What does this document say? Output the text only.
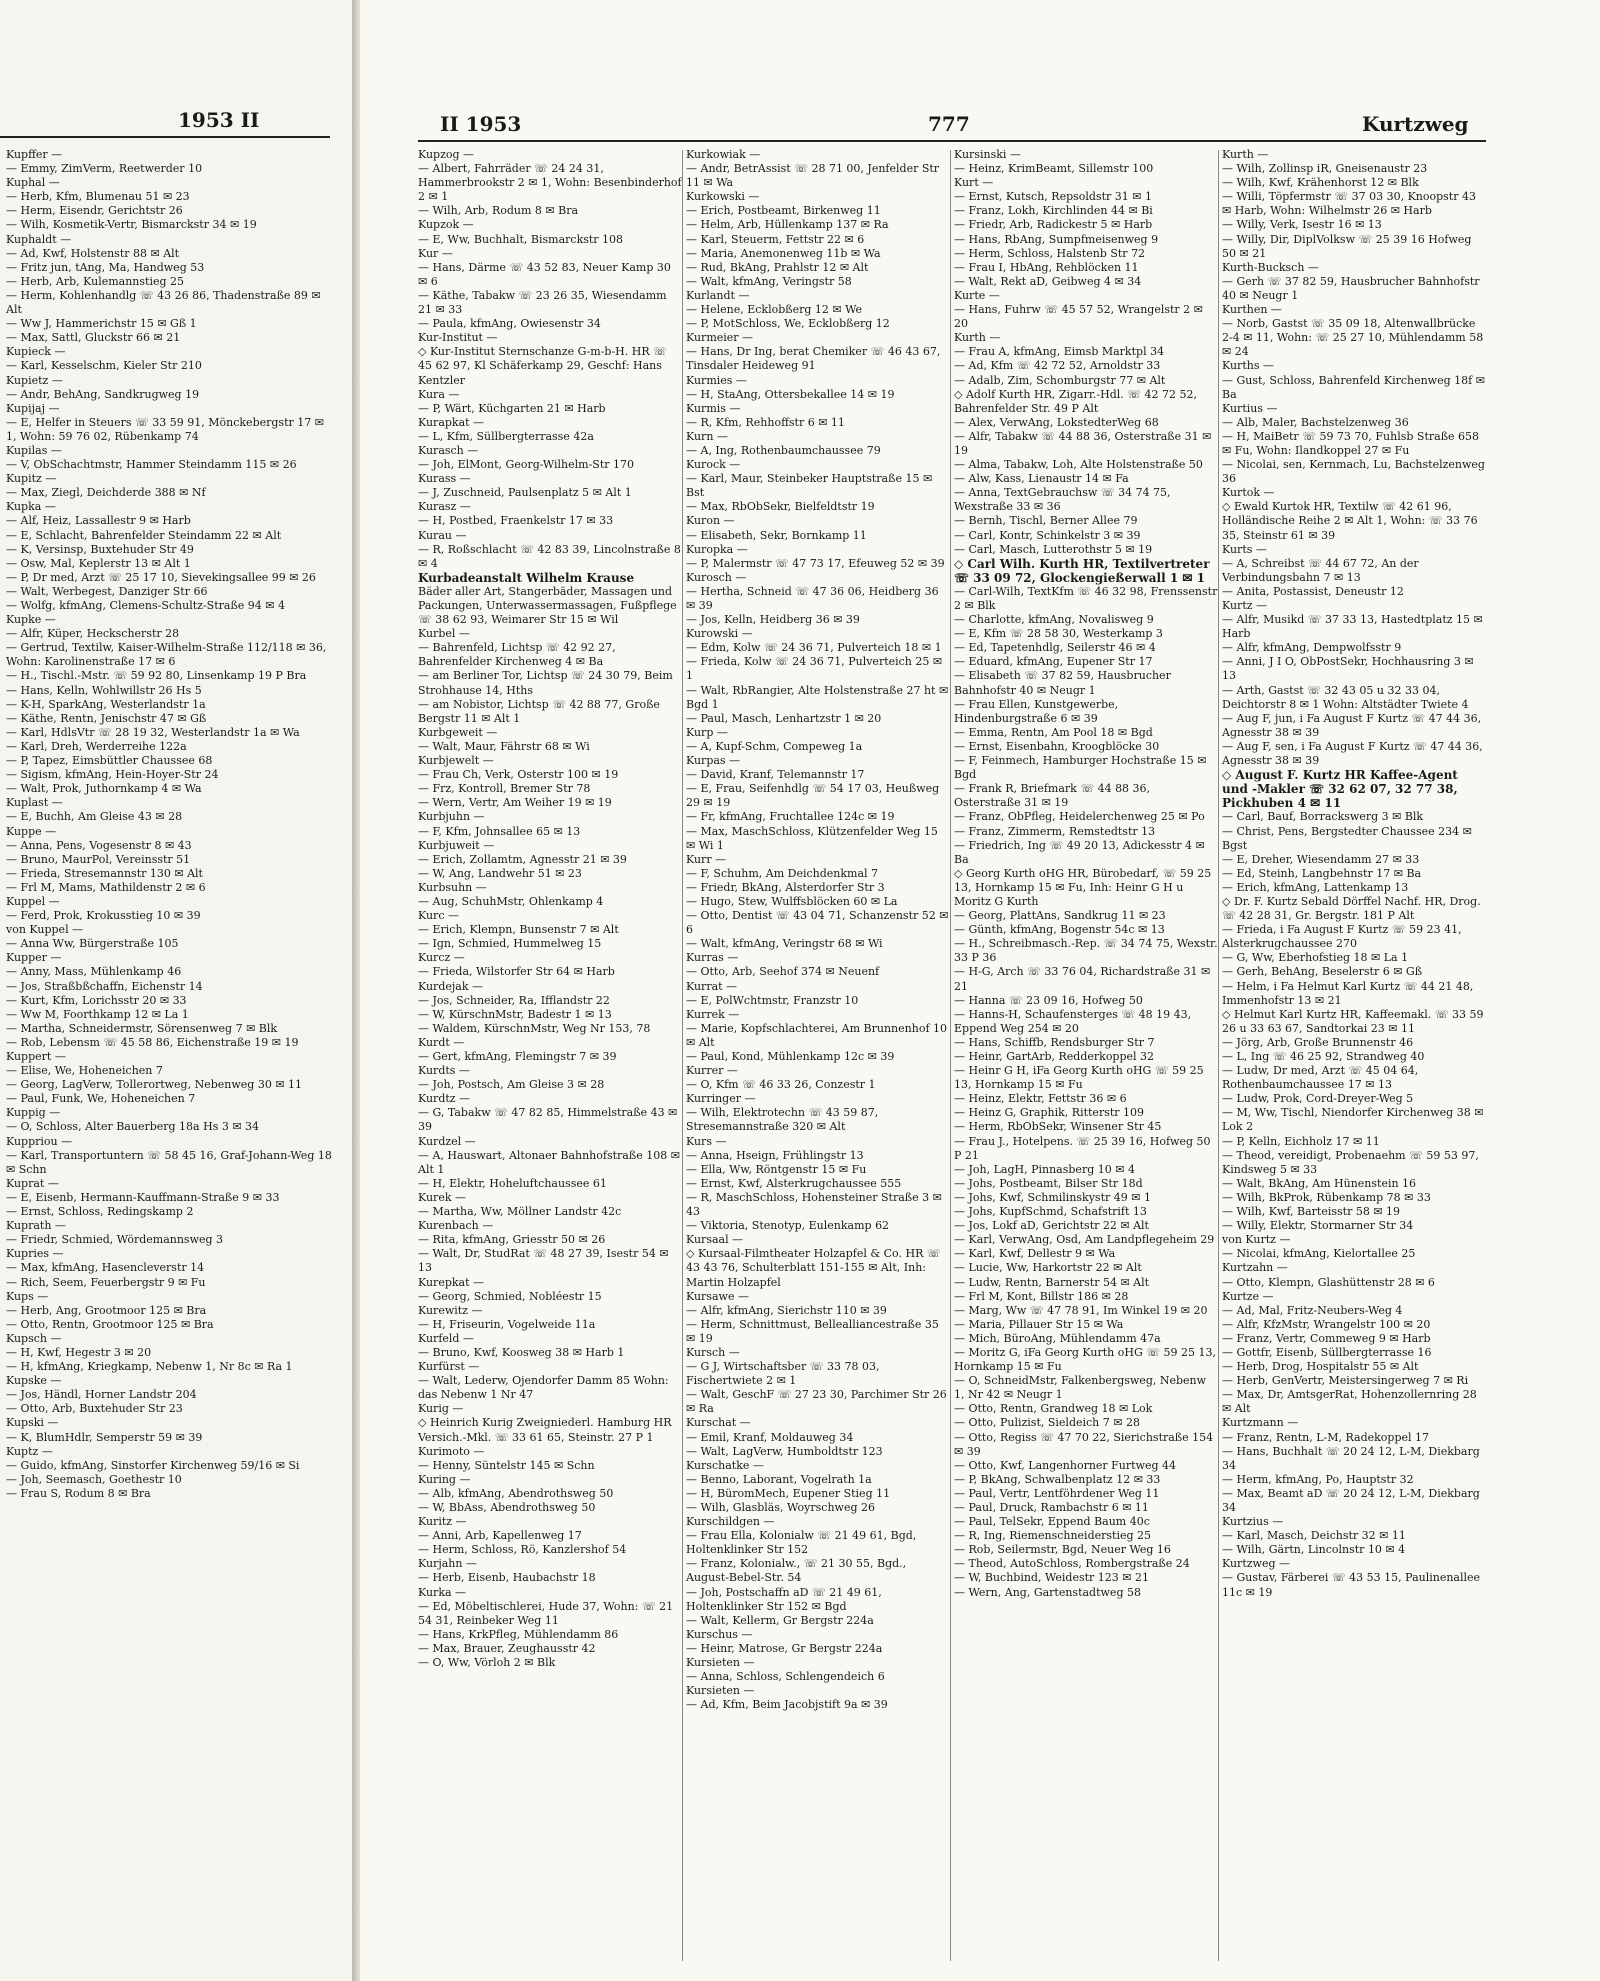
1953 II
Kupffer —
— Emmy, ZimVerm, Reetwerder 10
Kuphal —
— Herb, Kfm, Blumenau 51 ✉ 23
— Herm, Eisendr, Gerichtstr 26
— Wilh, Kosmetik-Vertr, Bismarckstr 34 ✉ 19
Kuphaldt —
— Ad, Kwf, Holstenstr 88 ✉ Alt
— Fritz jun, tAng, Ma, Handweg 53
— Herb, Arb, Kulemannstieg 25
— Herm, Kohlenhandlg ☏ 43 26 86, Thadenstraße 89 ✉ Alt
— Ww J, Hammerichstr 15 ✉ Gß 1
— Max, Sattl, Gluckstr 66 ✉ 21
Kupieck —
— Karl, Kesselschm, Kieler Str 210
Kupietz —
— Andr, BehAng, Sandkrugweg 19
Kupijaj —
— E, Helfer in Steuers ☏ 33 59 91, Mönckebergstr 17 ✉ 1, Wohn: 59 76 02, Rübenkamp 74
Kupilas —
— V, ObSchachtmstr, Hammer Steindamm 115 ✉ 26
Kupitz —
— Max, Ziegl, Deichderde 388 ✉ Nf
Kupka —
— Alf, Heiz, Lassallestr 9 ✉ Harb
— E, Schlacht, Bahrenfelder Steindamm 22 ✉ Alt
— K, Versinsp, Buxtehuder Str 49
— Osw, Mal, Keplerstr 13 ✉ Alt 1
— P, Dr med, Arzt ☏ 25 17 10, Sievekingsallee 99 ✉ 26
— Walt, Werbegest, Danziger Str 66
— Wolfg, kfmAng, Clemens-Schultz-Straße 94 ✉ 4
Kupke —
— Alfr, Küper, Heckscherstr 28
— Gertrud, Textilw, Kaiser-Wilhelm-Straße 112/118 ✉ 36, Wohn: Karolinenstraße 17 ✉ 6
— H., Tischl.-Mstr. ☏ 59 92 80, Linsenkamp 19 P Bra
— Hans, Kelln, Wohlwillstr 26 Hs 5
— K-H, SparkAng, Westerlandstr 1a
— Käthe, Rentn, Jenischstr 47 ✉ Gß
— Karl, HdlsVtr ☏ 28 19 32, Westerlandstr 1a ✉ Wa
— Karl, Dreh, Werderreihe 122a
— P, Tapez, Eimsbüttler Chaussee 68
— Sigism, kfmAng, Hein-Hoyer-Str 24
— Walt, Prok, Juthornkamp 4 ✉ Wa
Kuplast —
— E, Buchh, Am Gleise 43 ✉ 28
Kuppe —
— Anna, Pens, Vogesenstr 8 ✉ 43
— Bruno, MaurPol, Vereinsstr 51
— Frieda, Stresemannstr 130 ✉ Alt
— Frl M, Mams, Mathildenstr 2 ✉ 6
Kuppel —
— Ferd, Prok, Krokusstieg 10 ✉ 39
von Kuppel —
— Anna Ww, Bürgerstraße 105
Kupper —
— Anny, Mass, Mühlenkamp 46
— Jos, Straßbßchaffn, Eichenstr 14
— Kurt, Kfm, Lorichsstr 20 ✉ 33
— Ww M, Foorthkamp 12 ✉ La 1
— Martha, Schneidermstr, Sörensenweg 7 ✉ Blk
— Rob, Lebensm ☏ 45 58 86, Eichenstraße 19 ✉ 19
Kuppert —
— Elise, We, Hoheneichen 7
— Georg, LagVerw, Tollerortweg, Nebenweg 30 ✉ 11
— Paul, Funk, We, Hoheneichen 7
Kuppig —
— O, Schloss, Alter Bauerberg 18a Hs 3 ✉ 34
Kuppriou —
— Karl, Transportuntern ☏ 58 45 16, Graf-Johann-Weg 18 ✉ Schn
Kuprat —
— E, Eisenb, Hermann-Kauffmann-Straße 9 ✉ 33
— Ernst, Schloss, Redingskamp 2
Kuprath —
— Friedr, Schmied, Wördemannsweg 3
Kupries —
— Max, kfmAng, Hasencleverstr 14
— Rich, Seem, Feuerbergstr 9 ✉ Fu
Kups —
— Herb, Ang, Grootmoor 125 ✉ Bra
— Otto, Rentn, Grootmoor 125 ✉ Bra
Kupsch —
— H, Kwf, Hegestr 3 ✉ 20
— H, kfmAng, Kriegkamp, Nebenw 1, Nr 8c ✉ Ra 1
Kupske —
— Jos, Händl, Horner Landstr 204
— Otto, Arb, Buxtehuder Str 23
Kupski —
— K, BlumHdlr, Semperstr 59 ✉ 39
Kuptz —
— Guido, kfmAng, Sinstorfer Kirchenweg 59/16 ✉ Si
— Joh, Seemasch, Goethestr 10
— Frau S, Rodum 8 ✉ Bra
II 1953	777	Kurtzweg
Kupzog —
— Albert, Fahrräder ☏ 24 24 31, Hammerbrookstr 2 ✉ 1, Wohn: Besenbinderhof 2 ✉ 1
— Wilh, Arb, Rodum 8 ✉ Bra
Kupzok —
— E, Ww, Buchhalt, Bismarckstr 108
Kur —
— Hans, Därme ☏ 43 52 83, Neuer Kamp 30 ✉ 6
— Käthe, Tabakw ☏ 23 26 35, Wiesendamm 21 ✉ 33
— Paula, kfmAng, Owiesenstr 34
Kur-Institut —
◇ Kur-Institut Sternschanze G-m-b-H. HR ☏ 45 62 97, Kl Schäferkamp 29, Geschf: Hans Kentzler
Kura —
— P, Wärt, Küchgarten 21 ✉ Harb
Kurapkat —
— L, Kfm, Süllbergterrasse 42a
Kurasch —
— Joh, ElMont, Georg-Wilhelm-Str 170
Kurass —
— J, Zuschneid, Paulsenplatz 5 ✉ Alt 1
Kurasz —
— H, Postbed, Fraenkelstr 17 ✉ 33
Kurau —
— R, Roßschlacht ☏ 42 83 39, Lincolnstraße 8 ✉ 4
Kurbadeanstalt Wilhelm Krause
Bäder aller Art, Stangerbäder, Massagen und Packungen, Unterwassermassagen, Fußpflege ☏ 38 62 93, Weimarer Str 15 ✉ Wil
Kurbel —
— Bahrenfeld, Lichtsp ☏ 42 92 27, Bahrenfelder Kirchenweg 4 ✉ Ba
— am Berliner Tor, Lichtsp ☏ 24 30 79, Beim Strohhause 14, Hths
— am Nobistor, Lichtsp ☏ 42 88 77, Große Bergstr 11 ✉ Alt 1
Kurbgeweit —
— Walt, Maur, Fährstr 68 ✉ Wi
Kurbjewelt —
— Frau Ch, Verk, Osterstr 100 ✉ 19
— Frz, Kontroll, Bremer Str 78
— Wern, Vertr, Am Weiher 19 ✉ 19
Kurbjuhn —
— F, Kfm, Johnsallee 65 ✉ 13
Kurbjuweit —
— Erich, Zollamtm, Agnesstr 21 ✉ 39
— W, Ang, Landwehr 51 ✉ 23
Kurbsuhn —
— Aug, SchuhMstr, Ohlenkamp 4
Kurc —
— Erich, Klempn, Bunsenstr 7 ✉ Alt
— Ign, Schmied, Hummelweg 15
Kurcz —
— Frieda, Wilstorfer Str 64 ✉ Harb
Kurdejak —
— Jos, Schneider, Ra, Ifflandstr 22
— W, KürschnMstr, Badestr 1 ✉ 13
— Waldem, KürschnMstr, Weg Nr 153, 78
Kurdt —
— Gert, kfmAng, Flemingstr 7 ✉ 39
Kurdts —
— Joh, Postsch, Am Gleise 3 ✉ 28
Kurdtz —
— G, Tabakw ☏ 47 82 85, Himmelstraße 43 ✉ 39
Kurdzel —
— A, Hauswart, Altonaer Bahnhofstraße 108 ✉ Alt 1
— H, Elektr, Hoheluftchaussee 61
Kurek —
— Martha, Ww, Möllner Landstr 42c
Kurenbach —
— Rita, kfmAng, Griesstr 50 ✉ 26
— Walt, Dr, StudRat ☏ 48 27 39, Isestr 54 ✉ 13
Kurepkat —
— Georg, Schmied, Nobléestr 15
Kurewitz —
— H, Friseurin, Vogelweide 11a
Kurfeld —
— Bruno, Kwf, Koosweg 38 ✉ Harb 1
Kurfürst —
— Walt, Lederw, Ojendorfer Damm 85 Wohn: das Nebenw 1 Nr 47
Kurig —
◇ Heinrich Kurig Zweigniederl. Hamburg HR Versich.-Mkl. ☏ 33 61 65, Steinstr. 27 P 1
Kurimoto —
— Henny, Süntelstr 145 ✉ Schn
Kuring —
— Alb, kfmAng, Abendrothsweg 50
— W, BbAss, Abendrothsweg 50
Kuritz —
— Anni, Arb, Kapellenweg 17
— Herm, Schloss, Rö, Kanzlershof 54
Kurjahn —
— Herb, Eisenb, Haubachstr 18
Kurka —
— Ed, Möbeltischlerei, Hude 37, Wohn: ☏ 21 54 31, Reinbeker Weg 11
— Hans, KrkPfleg, Mühlendamm 86
— Max, Brauer, Zeughausstr 42
— O, Ww, Vörloh 2 ✉ Blk
Kurkowiak —
— Andr, BetrAssist ☏ 28 71 00, Jenfelder Str 11 ✉ Wa
Kurkowski —
— Erich, Postbeamt, Birkenweg 11
— Helm, Arb, Hüllenkamp 137 ✉ Ra
— Karl, Steuerm, Fettstr 22 ✉ 6
— Maria, Anemonenweg 11b ✉ Wa
— Rud, BkAng, Prahlstr 12 ✉ Alt
— Walt, kfmAng, Veringstr 58
Kurlandt —
— Helene, Ecklobßerg 12 ✉ We
— P, MotSchloss, We, Ecklobßerg 12
Kurmeier —
— Hans, Dr Ing, berat Chemiker ☏ 46 43 67, Tinsdaler Heideweg 91
Kurmies —
— H, StaAng, Ottersbekallee 14 ✉ 19
Kurmis —
— R, Kfm, Rehhoffstr 6 ✉ 11
Kurn —
— A, Ing, Rothenbaumchaussee 79
Kurock —
— Karl, Maur, Steinbeker Hauptstraße 15 ✉ Bst
— Max, RbObSekr, Bielfeldtstr 19
Kuron —
— Elisabeth, Sekr, Bornkamp 11
Kuropka —
— P, Malermstr ☏ 47 73 17, Efeuweg 52 ✉ 39
Kurosch —
— Hertha, Schneid ☏ 47 36 06, Heidberg 36 ✉ 39
— Jos, Kelln, Heidberg 36 ✉ 39
Kurowski —
— Edm, Kolw ☏ 24 36 71, Pulverteich 18 ✉ 1
— Frieda, Kolw ☏ 24 36 71, Pulverteich 25 ✉ 1
— Walt, RbRangier, Alte Holstenstraße 27 ht ✉ Bgd 1
— Paul, Masch, Lenhartzstr 1 ✉ 20
Kurp —
— A, Kupf-Schm, Compeweg 1a
Kurpas —
— David, Kranf, Telemannstr 17
— E, Frau, Seifenhdlg ☏ 54 17 03, Heußweg 29 ✉ 19
— Fr, kfmAng, Fruchtallee 124c ✉ 19
— Max, MaschSchloss, Klützenfelder Weg 15 ✉ Wi 1
Kurr —
— F, Schuhm, Am Deichdenkmal 7
— Friedr, BkAng, Alsterdorfer Str 3
— Hugo, Stew, Wulffsblöcken 60 ✉ La
— Otto, Dentist ☏ 43 04 71, Schanzenstr 52 ✉ 6
— Walt, kfmAng, Veringstr 68 ✉ Wi
Kurras —
— Otto, Arb, Seehof 374 ✉ Neuenf
Kurrat —
— E, PolWchtmstr, Franzstr 10
Kurrek —
— Marie, Kopfschlachterei, Am Brunnenhof 10 ✉ Alt
— Paul, Kond, Mühlenkamp 12c ✉ 39
Kurrer —
— O, Kfm ☏ 46 33 26, Conzestr 1
Kurringer —
— Wilh, Elektrotechn ☏ 43 59 87, Stresemannstraße 320 ✉ Alt
Kurs —
— Anna, Hseign, Frühlingstr 13
— Ella, Ww, Röntgenstr 15 ✉ Fu
— Ernst, Kwf, Alsterkrugchaussee 555
— R, MaschSchloss, Hohensteiner Straße 3 ✉ 43
— Viktoria, Stenotyp, Eulenkamp 62
Kursaal —
◇ Kursaal-Filmtheater Holzapfel & Co. HR ☏ 43 43 76, Schulterblatt 151-155 ✉ Alt, Inh: Martin Holzapfel
Kursawe —
— Alfr, kfmAng, Sierichstr 110 ✉ 39
— Herm, Schnittmust, Bellealliancestraße 35 ✉ 19
Kursch —
— G J, Wirtschaftsber ☏ 33 78 03, Fischertwiete 2 ✉ 1
— Walt, GeschF ☏ 27 23 30, Parchimer Str 26 ✉ Ra
Kurschat —
— Emil, Kranf, Moldauweg 34
— Walt, LagVerw, Humboldtstr 123
Kurschatke —
— Benno, Laborant, Vogelrath 1a
— H, BüromMech, Eupener Stieg 11
— Wilh, Glasbläs, Woyrschweg 26
Kurschildgen —
— Frau Ella, Kolonialw ☏ 21 49 61, Bgd, Holtenklinker Str 152
— Franz, Kolonialw., ☏ 21 30 55, Bgd., August-Bebel-Str. 54
— Joh, Postschaffn aD ☏ 21 49 61, Holtenklinker Str 152 ✉ Bgd
— Walt, Kellerm, Gr Bergstr 224a
Kurschus —
— Heinr, Matrose, Gr Bergstr 224a
Kursieten —
— Anna, Schloss, Schlengendeich 6
Kursieten —
— Ad, Kfm, Beim Jacobjstift 9a ✉ 39
Kursinski —
— Heinz, KrimBeamt, Sillemstr 100
Kurt —
— Ernst, Kutsch, Repsoldstr 31 ✉ 1
— Franz, Lokh, Kirchlinden 44 ✉ Bi
— Friedr, Arb, Radickestr 5 ✉ Harb
— Hans, RbAng, Sumpfmeisenweg 9
— Herm, Schloss, Halstenb Str 72
— Frau I, HbAng, Rehblöcken 11
— Walt, Rekt aD, Geibweg 4 ✉ 34
Kurte —
— Hans, Fuhrw ☏ 45 57 52, Wrangelstr 2 ✉ 20
Kurth —
— Frau A, kfmAng, Eimsb Marktpl 34
— Ad, Kfm ☏ 42 72 52, Arnoldstr 33
— Adalb, Zim, Schomburgstr 77 ✉ Alt
◇ Adolf Kurth HR, Zigarr.-Hdl. ☏ 42 72 52, Bahrenfelder Str. 49 P Alt
— Alex, VerwAng, LokstedterWeg 68
— Alfr, Tabakw ☏ 44 88 36, Osterstraße 31 ✉ 19
— Alma, Tabakw, Loh, Alte Holstenstraße 50
— Alw, Kass, Lienaustr 14 ✉ Fa
— Anna, TextGebrauchsw ☏ 34 74 75, Wexstraße 33 ✉ 36
— Bernh, Tischl, Berner Allee 79
— Carl, Kontr, Schinkelstr 3 ✉ 39
— Carl, Masch, Lutterothstr 5 ✉ 19
◇ Carl Wilh. Kurth HR, Textilvertreter ☏ 33 09 72, Glockengießerwall 1 ✉ 1
— Carl-Wilh, TextKfm ☏ 46 32 98, Frenssenstr 2 ✉ Blk
— Charlotte, kfmAng, Novalisweg 9
— E, Kfm ☏ 28 58 30, Westerkamp 3
— Ed, Tapetenhdlg, Seilerstr 46 ✉ 4
— Eduard, kfmAng, Eupener Str 17
— Elisabeth ☏ 37 82 59, Hausbrucher Bahnhofstr 40 ✉ Neugr 1
— Frau Ellen, Kunstgewerbe, Hindenburgstraße 6 ✉ 39
— Emma, Rentn, Am Pool 18 ✉ Bgd
— Ernst, Eisenbahn, Kroogblöcke 30
— F, Feinmech, Hamburger Hochstraße 15 ✉ Bgd
— Frank R, Briefmark ☏ 44 88 36, Osterstraße 31 ✉ 19
— Franz, ObPfleg, Heidelerchenweg 25 ✉ Po
— Franz, Zimmerm, Remstedtstr 13
— Friedrich, Ing ☏ 49 20 13, Adickesstr 4 ✉ Ba
◇ Georg Kurth oHG HR, Bürobedarf, ☏ 59 25 13, Hornkamp 15 ✉ Fu, Inh: Heinr G H u Moritz G Kurth
— Georg, PlattAns, Sandkrug 11 ✉ 23
— Günth, kfmAng, Bogenstr 54c ✉ 13
— H., Schreibmasch.-Rep. ☏ 34 74 75, Wexstr. 33 P 36
— H-G, Arch ☏ 33 76 04, Richardstraße 31 ✉ 21
— Hanna ☏ 23 09 16, Hofweg 50
— Hanns-H, Schaufensterges ☏ 48 19 43, Eppend Weg 254 ✉ 20
— Hans, Schiffb, Rendsburger Str 7
— Heinr, GartArb, Redderkoppel 32
— Heinr G H, iFa Georg Kurth oHG ☏ 59 25 13, Hornkamp 15 ✉ Fu
— Heinz, Elektr, Fettstr 36 ✉ 6
— Heinz G, Graphik, Ritterstr 109
— Herm, RbObSekr, Winsener Str 45
— Frau J., Hotelpens. ☏ 25 39 16, Hofweg 50 P 21
— Joh, LagH, Pinnasberg 10 ✉ 4
— Johs, Postbeamt, Bilser Str 18d
— Johs, Kwf, Schmilinskystr 49 ✉ 1
— Johs, KupfSchmd, Schafstrift 13
— Jos, Lokf aD, Gerichtstr 22 ✉ Alt
— Karl, VerwAng, Osd, Am Landpflegeheim 29
— Karl, Kwf, Dellestr 9 ✉ Wa
— Lucie, Ww, Harkortstr 22 ✉ Alt
— Ludw, Rentn, Barnerstr 54 ✉ Alt
— Frl M, Kont, Billstr 186 ✉ 28
— Marg, Ww ☏ 47 78 91, Im Winkel 19 ✉ 20
— Maria, Pillauer Str 15 ✉ Wa
— Mich, BüroAng, Mühlendamm 47a
— Moritz G, iFa Georg Kurth oHG ☏ 59 25 13, Hornkamp 15 ✉ Fu
— O, SchneidMstr, Falkenbergsweg, Nebenw 1, Nr 42 ✉ Neugr 1
— Otto, Rentn, Grandweg 18 ✉ Lok
— Otto, Pulizist, Sieldeich 7 ✉ 28
— Otto, Regiss ☏ 47 70 22, Sierichstraße 154 ✉ 39
— Otto, Kwf, Langenhorner Furtweg 44
— P, BkAng, Schwalbenplatz 12 ✉ 33
— Paul, Vertr, Lentföhrdener Weg 11
— Paul, Druck, Rambachstr 6 ✉ 11
— Paul, TelSekr, Eppend Baum 40c
— R, Ing, Riemenschneiderstieg 25
— Rob, Seilermstr, Bgd, Neuer Weg 16
— Theod, AutoSchloss, Rombergstraße 24
— W, Buchbind, Weidestr 123 ✉ 21
— Wern, Ang, Gartenstadtweg 58
Kurth —
— Wilh, Zollinsp iR, Gneisenaustr 23
— Wilh, Kwf, Krähenhorst 12 ✉ Blk
— Willi, Töpfermstr ☏ 37 03 30, Knoopstr 43 ✉ Harb, Wohn: Wilhelmstr 26 ✉ Harb
— Willy, Verk, Isestr 16 ✉ 13
— Willy, Dir, DiplVolksw ☏ 25 39 16 Hofweg 50 ✉ 21
Kurth-Bucksch —
— Gerh ☏ 37 82 59, Hausbrucher Bahnhofstr 40 ✉ Neugr 1
Kurthen —
— Norb, Gastst ☏ 35 09 18, Altenwallbrücke 2-4 ✉ 11, Wohn: ☏ 25 27 10, Mühlendamm 58 ✉ 24
Kurths —
— Gust, Schloss, Bahrenfeld Kirchenweg 18f ✉ Ba
Kurtius —
— Alb, Maler, Bachstelzenweg 36
— H, MaiBetr ☏ 59 73 70, Fuhlsb Straße 658 ✉ Fu, Wohn: Ilandkoppel 27 ✉ Fu
— Nicolai, sen, Kernmach, Lu, Bachstelzenweg 36
Kurtok —
◇ Ewald Kurtok HR, Textilw ☏ 42 61 96, Holländische Reihe 2 ✉ Alt 1, Wohn: ☏ 33 76 35, Steinstr 61 ✉ 39
Kurts —
— A, Schreibst ☏ 44 67 72, An der Verbindungsbahn 7 ✉ 13
— Anita, Postassist, Deneustr 12
Kurtz —
— Alfr, Musikd ☏ 37 33 13, Hastedtplatz 15 ✉ Harb
— Alfr, kfmAng, Dempwolfsstr 9
— Anni, J I O, ObPostSekr, Hochhausring 3 ✉ 13
— Arth, Gastst ☏ 32 43 05 u 32 33 04, Deichtorstr 8 ✉ 1 Wohn: Altstädter Twiete 4
— Aug F, jun, i Fa August F Kurtz ☏ 47 44 36, Agnesstr 38 ✉ 39
— Aug F, sen, i Fa August F Kurtz ☏ 47 44 36, Agnesstr 38 ✉ 39
◇ August F. Kurtz HR Kaffee-Agent und -Makler ☏ 32 62 07, 32 77 38, Pickhuben 4 ✉ 11
— Carl, Bauf, Borrackswerg 3 ✉ Blk
— Christ, Pens, Bergstedter Chaussee 234 ✉ Bgst
— E, Dreher, Wiesendamm 27 ✉ 33
— Ed, Steinh, Langbehnstr 17 ✉ Ba
— Erich, kfmAng, Lattenkamp 13
◇ Dr. F. Kurtz Sebald Dörffel Nachf. HR, Drog. ☏ 42 28 31, Gr. Bergstr. 181 P Alt
— Frieda, i Fa August F Kurtz ☏ 59 23 41, Alsterkrugchaussee 270
— G, Ww, Eberhofstieg 18 ✉ La 1
— Gerh, BehAng, Beselerstr 6 ✉ Gß
— Helm, i Fa Helmut Karl Kurtz ☏ 44 21 48, Immenhofstr 13 ✉ 21
◇ Helmut Karl Kurtz HR, Kaffeemakl. ☏ 33 59 26 u 33 63 67, Sandtorkai 23 ✉ 11
— Jörg, Arb, Große Brunnenstr 46
— L, Ing ☏ 46 25 92, Strandweg 40
— Ludw, Dr med, Arzt ☏ 45 04 64, Rothenbaumchaussee 17 ✉ 13
— Ludw, Prok, Cord-Dreyer-Weg 5
— M, Ww, Tischl, Niendorfer Kirchenweg 38 ✉ Lok 2
— P, Kelln, Eichholz 17 ✉ 11
— Theod, vereidigt, Probenaehm ☏ 59 53 97, Kindsweg 5 ✉ 33
— Walt, BkAng, Am Hünenstein 16
— Wilh, BkProk, Rübenkamp 78 ✉ 33
— Wilh, Kwf, Barteisstr 58 ✉ 19
— Willy, Elektr, Stormarner Str 34
von Kurtz —
— Nicolai, kfmAng, Kielortallee 25
Kurtzahn —
— Otto, Klempn, Glashüttenstr 28 ✉ 6
Kurtze —
— Ad, Mal, Fritz-Neubers-Weg 4
— Alfr, KfzMstr, Wrangelstr 100 ✉ 20
— Franz, Vertr, Commeweg 9 ✉ Harb
— Gottfr, Eisenb, Süllbergterrasse 16
— Herb, Drog, Hospitalstr 55 ✉ Alt
— Herb, GenVertr, Meistersingerweg 7 ✉ Ri
— Max, Dr, AmtsgerRat, Hohenzollernring 28 ✉ Alt
Kurtzmann —
— Franz, Rentn, L-M, Radekoppel 17
— Hans, Buchhalt ☏ 20 24 12, L-M, Diekbarg 34
— Herm, kfmAng, Po, Hauptstr 32
— Max, Beamt aD ☏ 20 24 12, L-M, Diekbarg 34
Kurtzius —
— Karl, Masch, Deichstr 32 ✉ 11
— Wilh, Gärtn, Lincolnstr 10 ✉ 4
Kurtzweg —
— Gustav, Färberei ☏ 43 53 15, Paulinenallee 11c ✉ 19
